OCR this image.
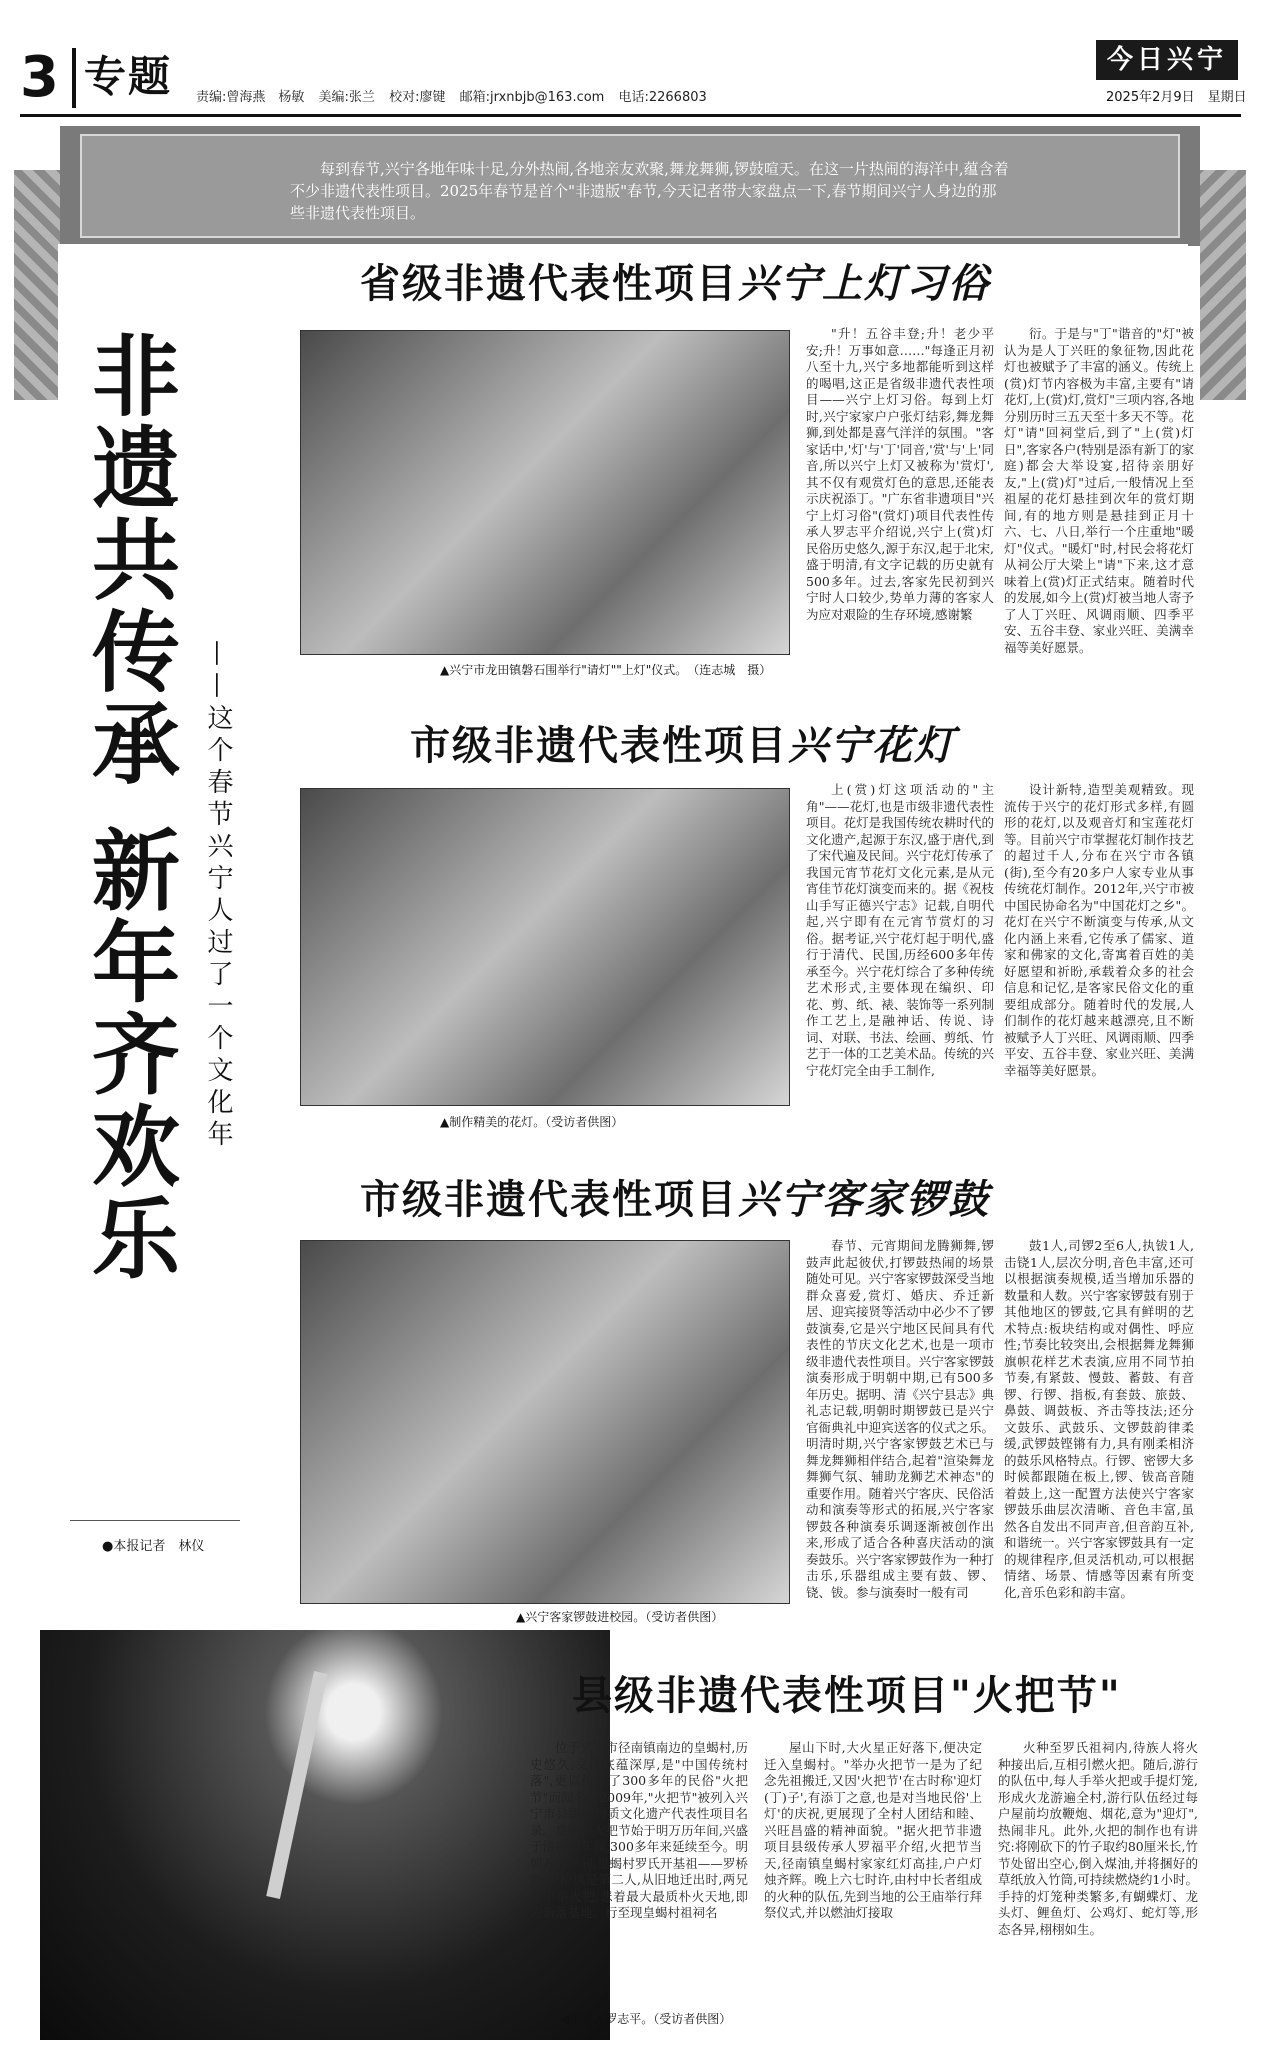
3 专题 责编:曾海燕　杨敏 美编:张兰 校对:廖键 邮箱:jrxnbjb@163.com 电话:2266803
今日兴宁
2025年2月9日　星期日
每到春节,兴宁各地年味十足,分外热闹,各地亲友欢聚,舞龙舞狮,锣鼓喧天。在这一片热闹的海洋中,蕴含着不少非遗代表性项目。2025年春节是首个"非遗版"春节,今天记者带大家盘点一下,春节期间兴宁人身边的那些非遗代表性项目。
非遗共传承 新年齐欢乐 ——这个春节兴宁人过了一个文化年
●本报记者　林仪
省级非遗代表性项目兴宁上灯习俗
▲兴宁市龙田镇磐石围举行"请灯""上灯"仪式。　（连志城　摄）
"升！五谷丰登;升！老少平安;升！万事如意……"每逢正月初八至十九,兴宁多地都能听到这样的喝唱,这正是省级非遗代表性项目——兴宁上灯习俗。每到上灯时,兴宁家家户户张灯结彩,舞龙舞狮,到处都是喜气洋洋的氛围。"客家话中,'灯'与'丁'同音,'赏'与'上'同音,所以兴宁上灯又被称为'赏灯',其不仅有观赏灯色的意思,还能表示庆祝添丁。"广东省非遗项目"兴宁上灯习俗"(赏灯)项目代表性传承人罗志平介绍说,兴宁上(赏)灯民俗历史悠久,源于东汉,起于北宋,盛于明清,有文字记载的历史就有500多年。过去,客家先民初到兴宁时人口较少,势单力薄的客家人为应对艰险的生存环境,感谢繁
衍。于是与"丁"谐音的"灯"被认为是人丁兴旺的象征物,因此花灯也被赋予了丰富的涵义。传统上(赏)灯节内容极为丰富,主要有"请花灯,上(赏)灯,赏灯"三项内容,各地分别历时三五天至十多天不等。花灯"请"回祠堂后,到了"上(赏)灯日",客家各户(特别是添有新丁的家庭)都会大举设宴,招待亲朋好友,"上(赏)灯"过后,一般情况上至祖屋的花灯悬挂到次年的赏灯期间,有的地方则是悬挂到正月十六、七、八日,举行一个庄重地"暖灯"仪式。"暖灯"时,村民会将花灯从祠公厅大梁上"请"下来,这才意味着上(赏)灯正式结束。随着时代的发展,如今上(赏)灯被当地人寄予了人丁兴旺、风调雨顺、四季平安、五谷丰登、家业兴旺、美满幸福等美好愿景。
市级非遗代表性项目兴宁花灯
▲制作精美的花灯。（受访者供图）
上(赏)灯这项活动的"主角"——花灯,也是市级非遗代表性项目。花灯是我国传统农耕时代的文化遗产,起源于东汉,盛于唐代,到了宋代遍及民间。兴宁花灯传承了我国元宵节花灯文化元素,是从元宵佳节花灯演变而来的。据《祝枝山手写正德兴宁志》记载,自明代起,兴宁即有在元宵节赏灯的习俗。据考证,兴宁花灯起于明代,盛行于清代、民国,历经600多年传承至今。兴宁花灯综合了多种传统艺术形式,主要体现在编织、印花、剪、纸、裱、装饰等一系列制作工艺上,是融神话、传说、诗词、对联、书法、绘画、剪纸、竹艺于一体的工艺美术品。传统的兴宁花灯完全由手工制作,
设计新特,造型美观精致。现流传于兴宁的花灯形式多样,有圆形的花灯,以及观音灯和宝莲花灯等。目前兴宁市掌握花灯制作技艺的超过千人,分布在兴宁市各镇(街),至今有20多户人家专业从事传统花灯制作。2012年,兴宁市被中国民协命名为"中国花灯之乡"。花灯在兴宁不断演变与传承,从文化内涵上来看,它传承了儒家、道家和佛家的文化,寄寓着百姓的美好愿望和祈盼,承载着众多的社会信息和记忆,是客家民俗文化的重要组成部分。随着时代的发展,人们制作的花灯越来越漂亮,且不断被赋予人丁兴旺、风调雨顺、四季平安、五谷丰登、家业兴旺、美满幸福等美好愿景。
市级非遗代表性项目兴宁客家锣鼓
▲兴宁客家锣鼓进校园。（受访者供图）
春节、元宵期间龙腾狮舞,锣鼓声此起彼伏,打锣鼓热闹的场景随处可见。兴宁客家锣鼓深受当地群众喜爱,赏灯、婚庆、乔迁新居、迎宾接贤等活动中必少不了锣鼓演奏,它是兴宁地区民间具有代表性的节庆文化艺术,也是一项市级非遗代表性项目。兴宁客家锣鼓演奏形成于明朝中期,已有500多年历史。据明、清《兴宁县志》典礼志记载,明朝时期锣鼓已是兴宁官衙典礼中迎宾送客的仪式之乐。明清时期,兴宁客家锣鼓艺术已与舞龙舞狮相伴结合,起着"渲染舞龙舞狮气氛、辅助龙狮艺术神态"的重要作用。随着兴宁客庆、民俗活动和演奏等形式的拓展,兴宁客家锣鼓各种演奏乐调逐渐被创作出来,形成了适合各种喜庆活动的演奏鼓乐。兴宁客家锣鼓作为一种打击乐,乐器组成主要有鼓、锣、铙、钹。参与演奏时一般有司
鼓1人,司锣2至6人,执钹1人,击铙1人,层次分明,音色丰富,还可以根据演奏规模,适当增加乐器的数量和人数。兴宁客家锣鼓有别于其他地区的锣鼓,它具有鲜明的艺术特点:板块结构或对偶性、呼应性;节奏比较突出,会根据舞龙舞狮旗帜花样艺术表演,应用不同节拍节奏,有紧鼓、慢鼓、蓄鼓、有音锣、行锣、指板,有套鼓、旅鼓、鼻鼓、调鼓板、齐击等技法;还分文鼓乐、武鼓乐、文锣鼓韵律柔缓,武锣鼓铿锵有力,具有刚柔相济的鼓乐风格特点。行锣、密锣大多时候都跟随在板上,锣、钹高音随着鼓上,这一配置方法使兴宁客家锣鼓乐曲层次清晰、音色丰富,虽然各自发出不同声音,但音韵互补,和谐统一。兴宁客家锣鼓具有一定的规律程序,但灵活机动,可以根据情绪、场景、情感等因素有所变化,音乐色彩和韵丰富。
县级非遗代表性项目"火把节"
位于兴宁市径南镇南边的皇蝎村,历史悠久,文化底蕴深厚,是"中国传统村落",更以传承了300多年的民俗"火把节"而闻名。2009年,"火把节"被列入兴宁市县级非物质文化遗产代表性项目名录。皇蝎村火把节始于明万历年间,兴盛于清康熙年间,300多年来延续至今。明朝万历年间,皇蝎村罗氏开基祖——罗桥台,罗桥凤是第二人,从旧地迁出时,两兄弟手举火把,悲着最大最质朴火天地,即为新落基地。行至现皇蝎村祖祠名
屋山下时,大火星正好落下,便决定迁入皇蝎村。"举办火把节一是为了纪念先祖搬迁,又因'火把节'在古时称'迎灯(丁)子',有添丁之意,也是对当地民俗'上灯'的庆祝,更展现了全村人团结和睦、兴旺昌盛的精神面貌。"据火把节非遗项目县级传承人罗福平介绍,火把节当天,径南镇皇蝎村家家红灯高挂,户户灯烛齐辉。晚上六七时许,由村中长者组成的火种的队伍,先到当地的公王庙举行拜祭仪式,并以燃油灯接取
火种至罗氏祖祠内,待族人将火种接出后,互相引燃火把。随后,游行的队伍中,每人手举火把或手提灯笼,形成火龙游遍全村,游行队伍经过每户屋前均放鞭炮、烟花,意为"迎灯",热闹非凡。此外,火把的制作也有讲究:将刚砍下的竹子取约80厘米长,竹节处留出空心,倒入煤油,并将捆好的草纸放入竹筒,可持续燃烧约1小时。手持的灯笼种类繁多,有蝴蝶灯、龙头灯、鲤鱼灯、公鸡灯、蛇灯等,形态各异,栩栩如生。
◀传承人罗志平。（受访者供图）
